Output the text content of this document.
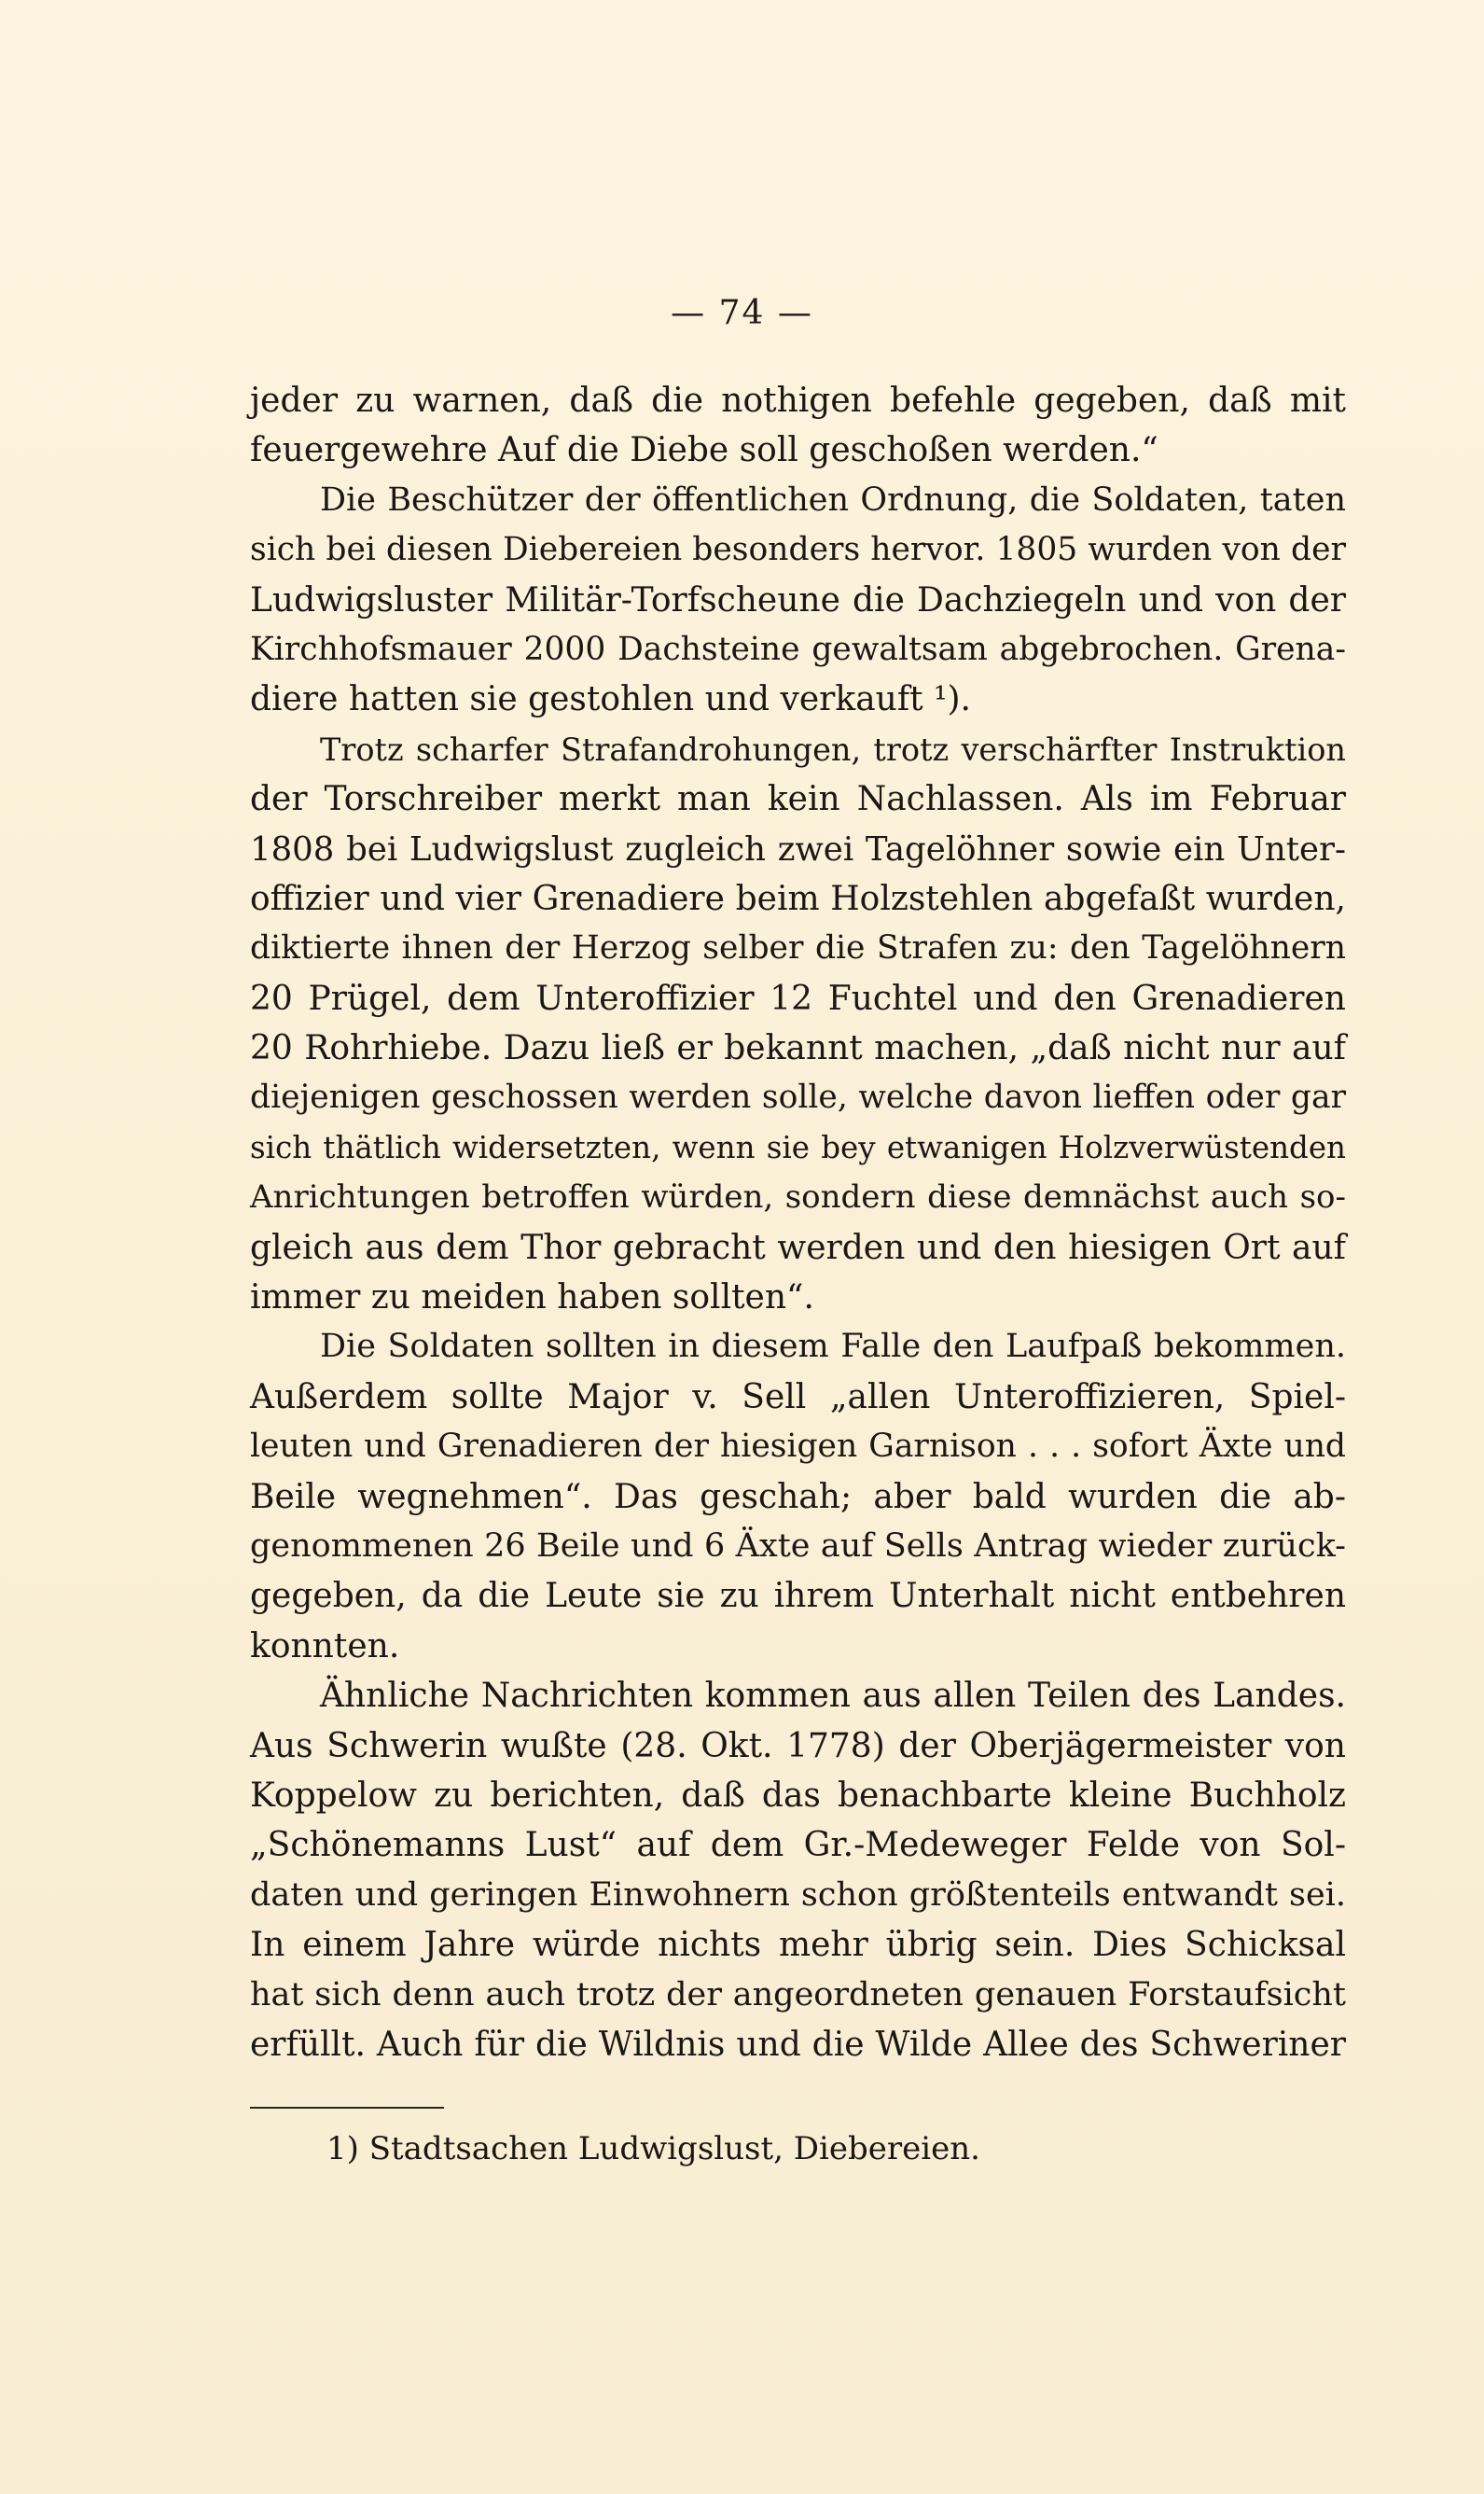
— 74 —
jeder zu warnen, daß die nothigen befehle gegeben, daß mit
feuergewehre Auf die Diebe soll geschoßen werden.“
Die Beschützer der öffentlichen Ordnung, die Soldaten, taten
sich bei diesen Diebereien besonders hervor. 1805 wurden von der
Ludwigsluster Militär-Torfscheune die Dachziegeln und von der
Kirchhofsmauer 2000 Dachsteine gewaltsam abgebrochen. Grena-
diere hatten sie gestohlen und verkauft ¹).
Trotz scharfer Strafandrohungen, trotz verschärfter Instruktion
der Torschreiber merkt man kein Nachlassen. Als im Februar
1808 bei Ludwigslust zugleich zwei Tagelöhner sowie ein Unter-
offizier und vier Grenadiere beim Holzstehlen abgefaßt wurden,
diktierte ihnen der Herzog selber die Strafen zu: den Tagelöhnern
20 Prügel, dem Unteroffizier 12 Fuchtel und den Grenadieren
20 Rohrhiebe. Dazu ließ er bekannt machen, „daß nicht nur auf
diejenigen geschossen werden solle, welche davon lieffen oder gar
sich thätlich widersetzten, wenn sie bey etwanigen Holzverwüstenden
Anrichtungen betroffen würden, sondern diese demnächst auch so-
gleich aus dem Thor gebracht werden und den hiesigen Ort auf
immer zu meiden haben sollten“.
Die Soldaten sollten in diesem Falle den Laufpaß bekommen.
Außerdem sollte Major v. Sell „allen Unteroffizieren, Spiel-
leuten und Grenadieren der hiesigen Garnison . . . sofort Äxte und
Beile wegnehmen“. Das geschah; aber bald wurden die ab-
genommenen 26 Beile und 6 Äxte auf Sells Antrag wieder zurück-
gegeben, da die Leute sie zu ihrem Unterhalt nicht entbehren
konnten.
Ähnliche Nachrichten kommen aus allen Teilen des Landes.
Aus Schwerin wußte (28. Okt. 1778) der Oberjägermeister von
Koppelow zu berichten, daß das benachbarte kleine Buchholz
„Schönemanns Lust“ auf dem Gr.-Medeweger Felde von Sol-
daten und geringen Einwohnern schon größtenteils entwandt sei.
In einem Jahre würde nichts mehr übrig sein. Dies Schicksal
hat sich denn auch trotz der angeordneten genauen Forstaufsicht
erfüllt. Auch für die Wildnis und die Wilde Allee des Schweriner
1) Stadtsachen Ludwigslust, Diebereien.
